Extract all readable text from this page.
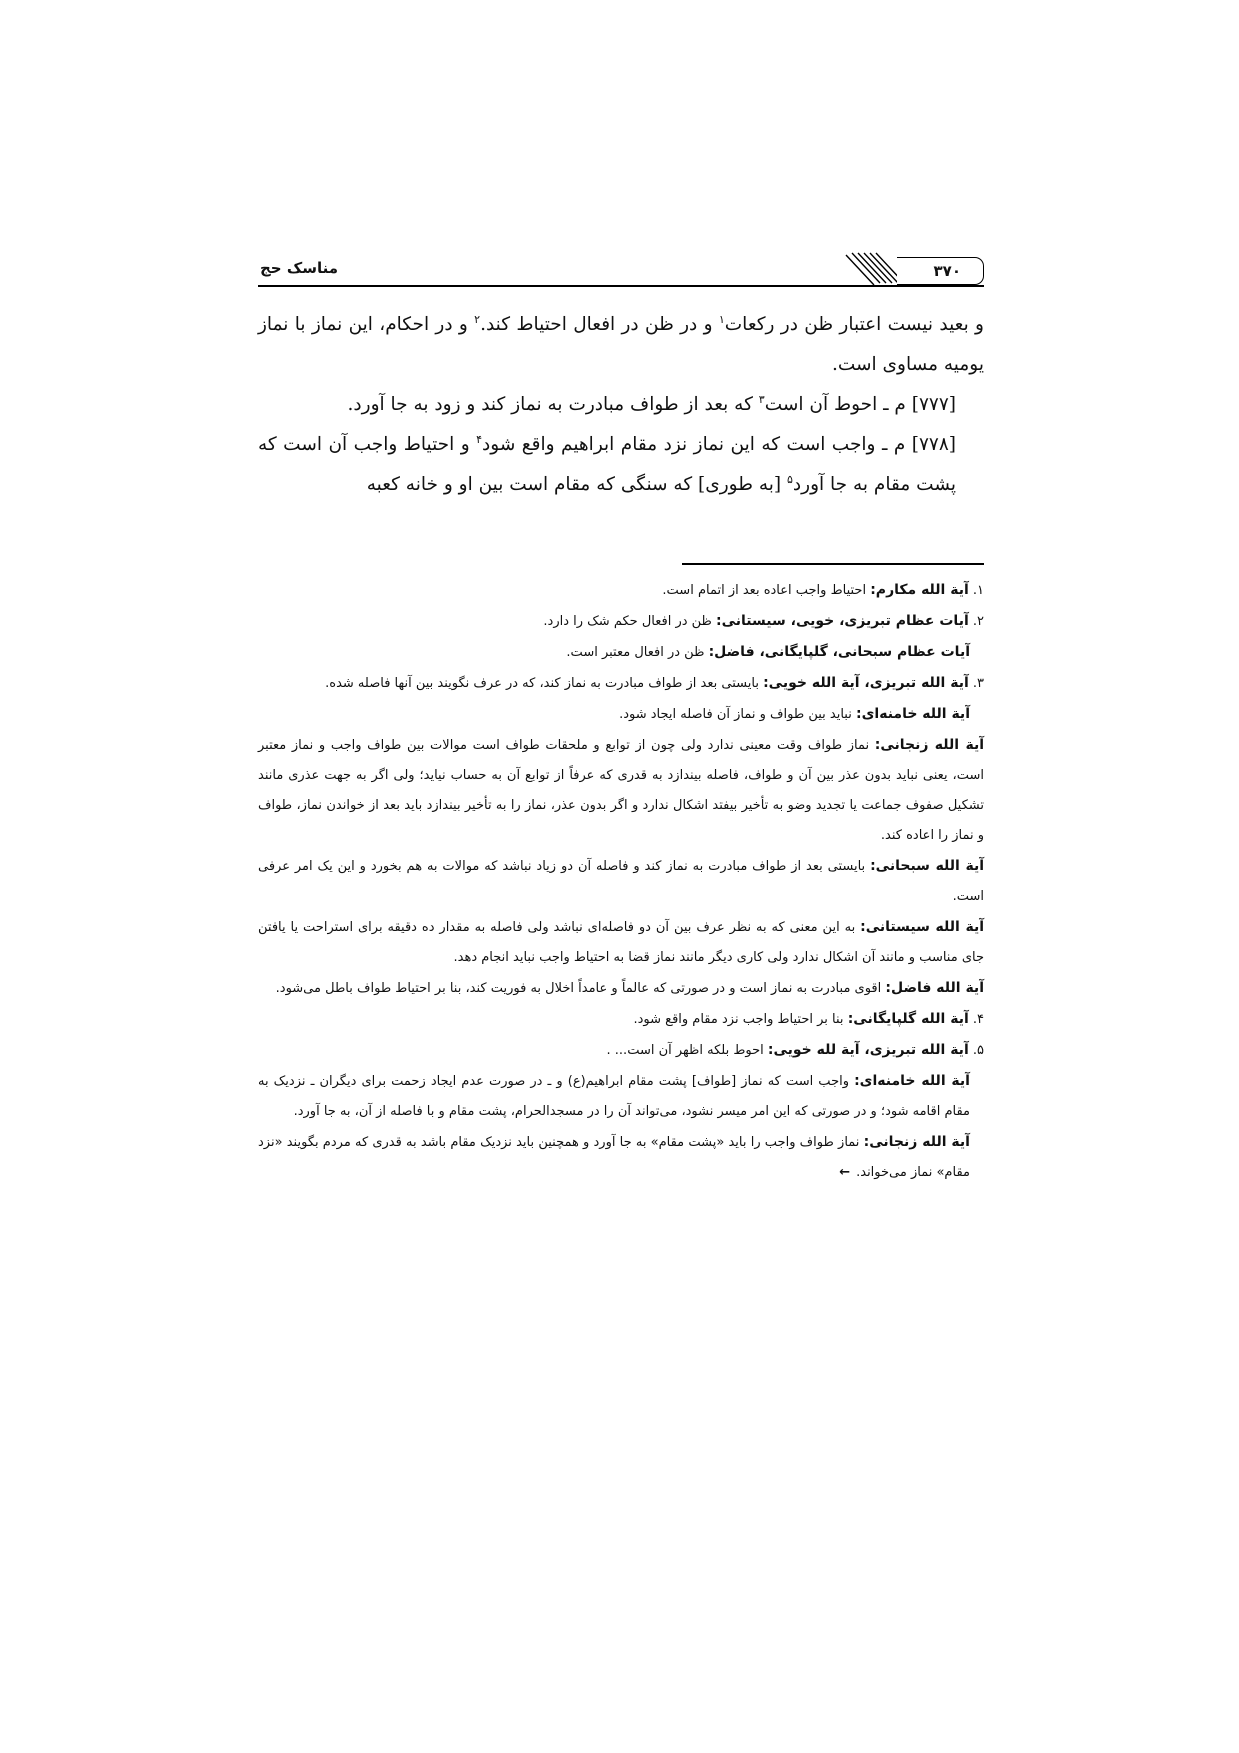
مناسک حج	۳۷۰

و بعید نیست اعتبار ظن در رکعات$^۱$ و در ظن در افعال احتیاط کند.$^۲$ و در احکام، این نماز با نماز یومیه مساوی است.

[۷۷۷] م ـ احوط آن است$^۳$ که بعد از طواف مبادرت به نماز کند و زود به جا آورد.

[۷۷۸] م ـ واجب است که این نماز نزد مقام ابراهیم واقع شود$^۴$ و احتیاط واجب آن است که پشت مقام به جا آورد$^۵$ [به طوری] که سنگی که مقام است بین او و خانه کعبه

۱. آیة الله مکارم: احتیاط واجب اعاده بعد از اتمام است.

۲. آیات عظام تبریزی، خویی، سیستانی: ظن در افعال حکم شک را دارد.

آیات عظام سبحانی، گلپایگانی، فاضل: ظن در افعال معتبر است.

۳. آیة الله تبریزی، آیة الله خویی: بایستی بعد از طواف مبادرت به نماز کند، که در عرف نگویند بین آنها فاصله شده.

آیة الله خامنه‌ای: نباید بین طواف و نماز آن فاصله ایجاد شود.

آیة الله زنجانی: نماز طواف وقت معینی ندارد ولی چون از توابع و ملحقات طواف است موالات بین طواف واجب و نماز معتبر است، یعنی نباید بدون عذر بین آن و طواف، فاصله بیندازد به قدری که عرفاً از توابع آن به حساب نیاید؛ ولی اگر به جهت عذری مانند تشکیل صفوف جماعت یا تجدید وضو به تأخیر بیفتد اشکال ندارد و اگر بدون عذر، نماز را به تأخیر بیندازد باید بعد از خواندن نماز، طواف و نماز را اعاده کند.

آیة الله سبحانی: بایستی بعد از طواف مبادرت به نماز کند و فاصله آن دو زیاد نباشد که موالات به هم بخورد و این یک امر عرفی است.

آیة الله سیستانی: به این معنی که به نظر عرف بین آن دو فاصله‌ای نباشد ولی فاصله به مقدار ده دقیقه برای استراحت یا یافتن جای مناسب و مانند آن اشکال ندارد ولی کاری دیگر مانند نماز قضا به احتیاط واجب نباید انجام دهد.

آیة الله فاضل: اقوی مبادرت به نماز است و در صورتی که عالماً و عامداً اخلال به فوریت کند، بنا بر احتیاط طواف باطل می‌شود.

۴. آیة الله گلپایگانی: بنا بر احتیاط واجب نزد مقام واقع شود.

۵. آیة الله تبریزی، آیة لله خویی: احوط بلکه اظهر آن است... .

آیة الله خامنه‌ای: واجب است که نماز [طواف] پشت مقام ابراهیم(ع) و ـ در صورت عدم ایجاد زحمت برای دیگران ـ نزدیک به مقام اقامه شود؛ و در صورتی که این امر میسر نشود، می‌تواند آن را در مسجدالحرام، پشت مقام و با فاصله از آن، به جا آورد.

آیة الله زنجانی: نماز طواف واجب را باید «پشت مقام» به جا آورد و همچنین باید نزدیک مقام باشد به قدری که مردم بگویند «نزد مقام» نماز می‌خواند.←
